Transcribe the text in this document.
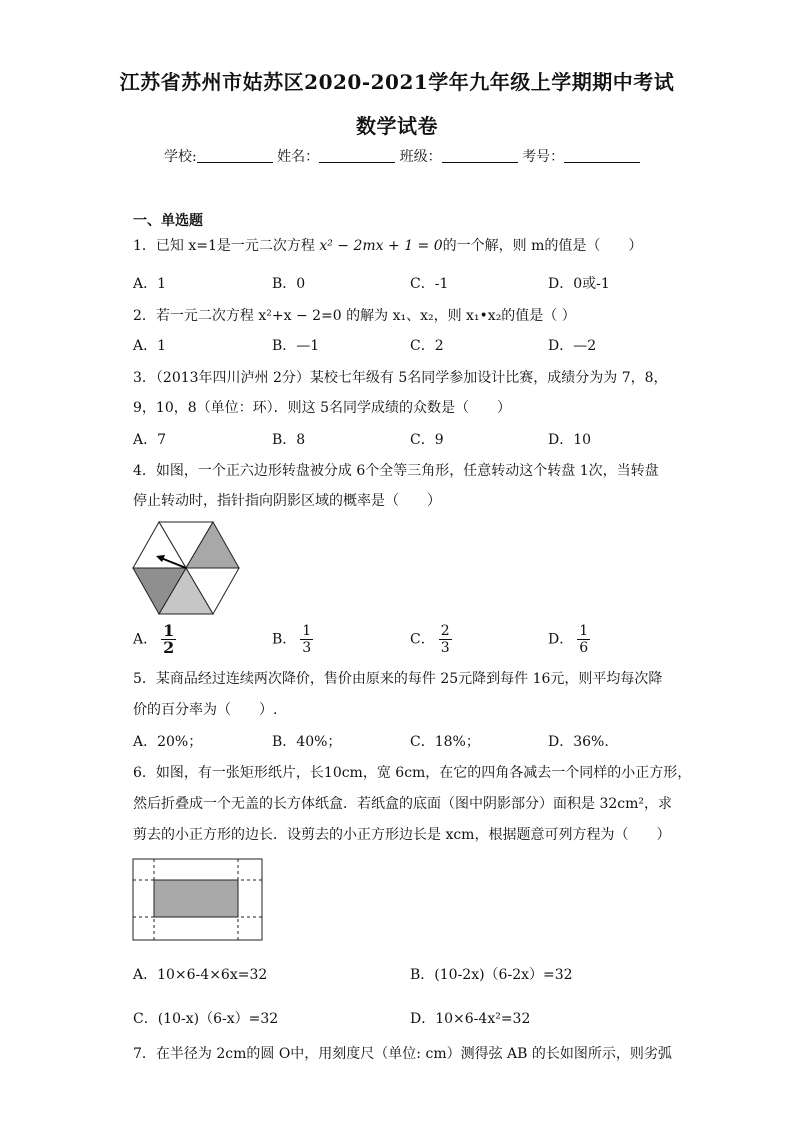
江苏省苏州市姑苏区2020-2021学年九年级上学期期中考试
数学试卷
学校:	姓名：	班级：	考号：
一、单选题
1．已知 x=1是一元二次方程 x² − 2mx + 1 = 0的一个解，则 m的值是（　　）
A．1	B．0	C．-1	D．0或-1
2．若一元二次方程 x²+x − 2=0 的解为 x₁、x₂，则 x₁•x₂的值是（ ）
A．1	B．—1	C．2	D．—2
3．（2013年四川泸州 2分）某校七年级有 5名同学参加设计比赛，成绩分为为 7，8，
9，10，8（单位：环）．则这 5名同学成绩的众数是（　　）
A．7	B．8	C．9	D．10
4．如图，一个正六边形转盘被分成 6个全等三角形，任意转动这个转盘 1次，当转盘
停止转动时，指针指向阴影区域的概率是（　　）
A． $\frac{1}{2}$	B． $\frac{1}{3}$	C． $\frac{2}{3}$	D． $\frac{1}{6}$
5．某商品经过连续两次降价，售价由原来的每件 25元降到每件 16元，则平均每次降
价的百分率为（　　）.
A．20%；	B．40%；	C．18%；	D．36%.
6．如图，有一张矩形纸片，长10cm，宽 6cm，在它的四角各减去一个同样的小正方形，
然后折叠成一个无盖的长方体纸盒．若纸盒的底面（图中阴影部分）面积是 32cm²，求
剪去的小正方形的边长．设剪去的小正方形边长是 xcm，根据题意可列方程为（　　）
A．10×6-4×6x=32	B．(10-2x)（6-2x）=32
C．(10-x)（6-x）=32	D．10×6-4x²=32
7．在半径为 2cm的圆 O中，用刻度尺（单位: cm）测得弦 AB 的长如图所示，则劣弧
